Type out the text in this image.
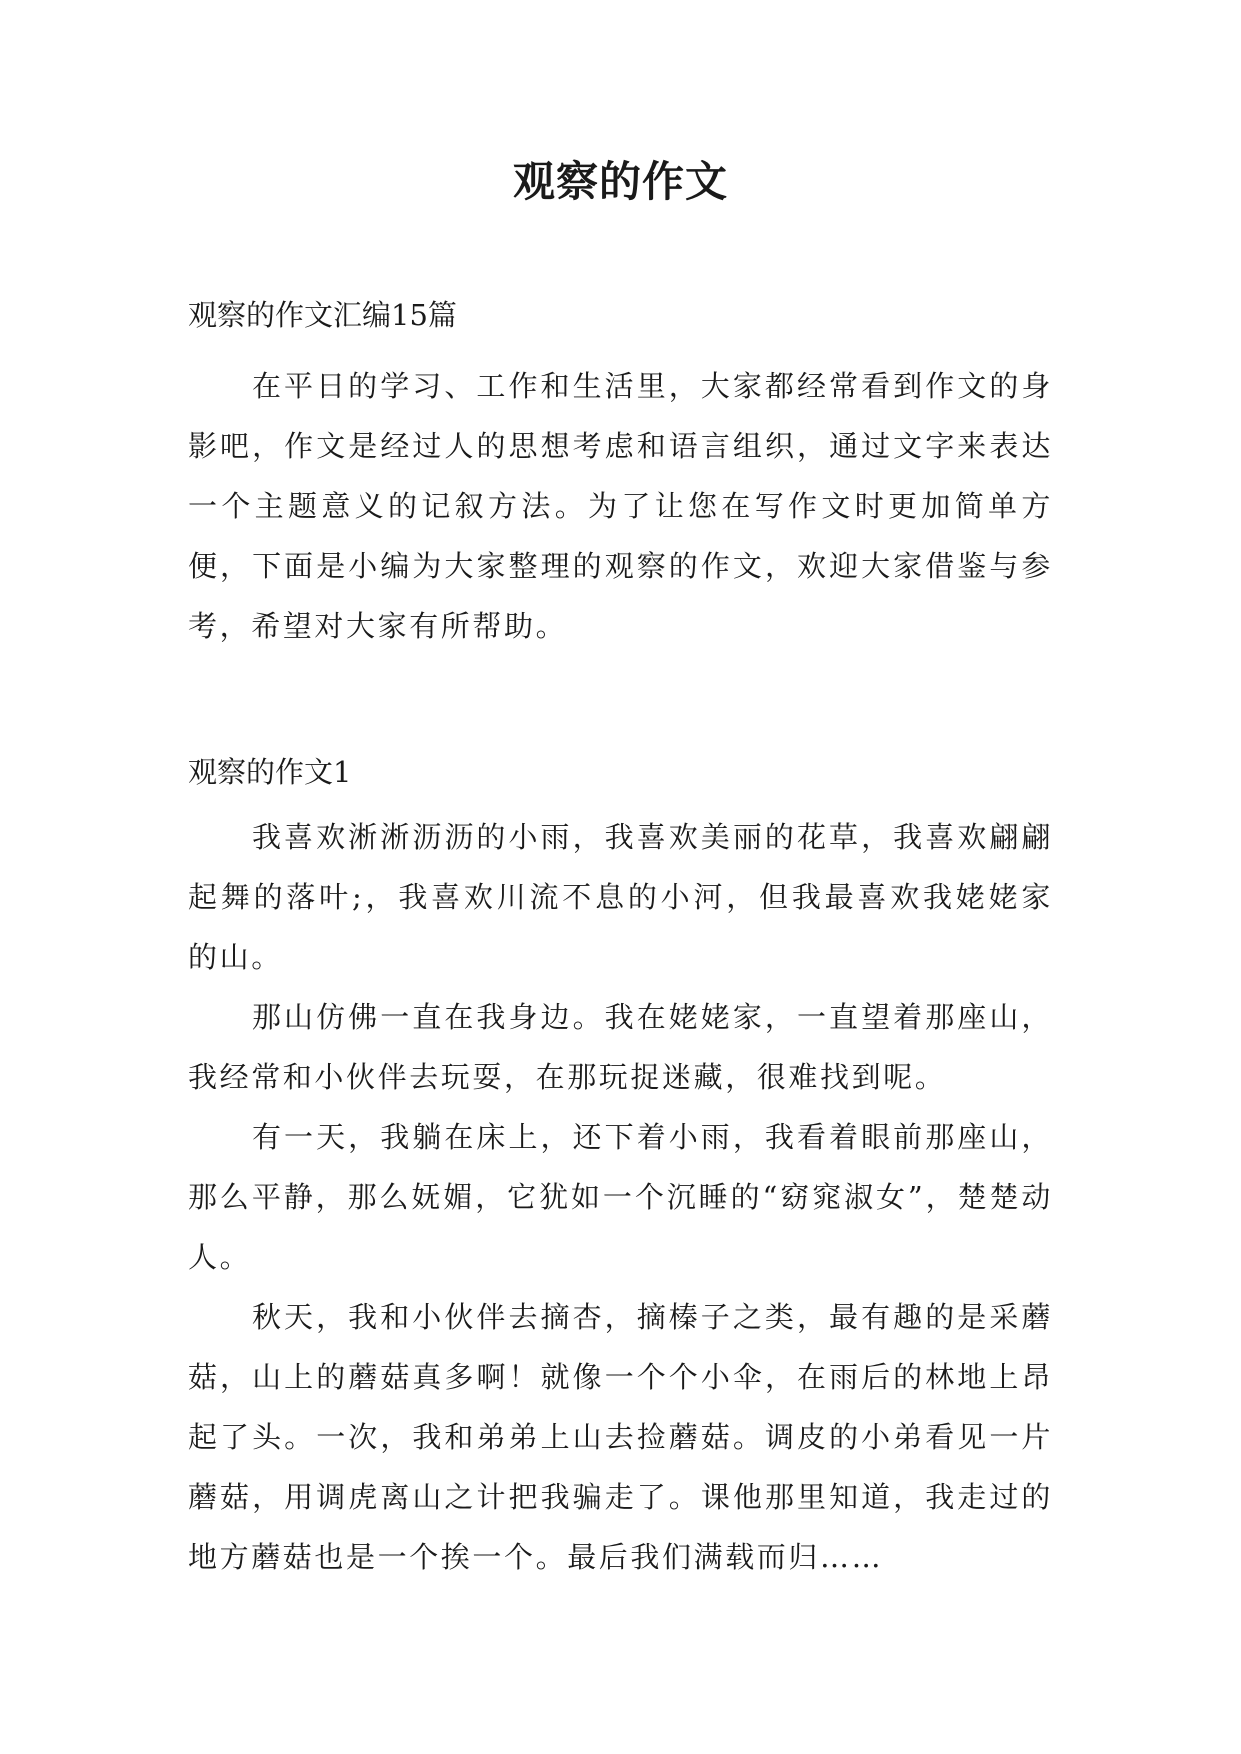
观察的作文
观察的作文汇编15篇

在平日的学习、工作和生活里，大家都经常看到作文的身影吧，作文是经过人的思想考虑和语言组织，通过文字来表达一个主题意义的记叙方法。为了让您在写作文时更加简单方便，下面是小编为大家整理的观察的作文，欢迎大家借鉴与参考，希望对大家有所帮助。

观察的作文1

我喜欢淅淅沥沥的小雨，我喜欢美丽的花草，我喜欢翩翩起舞的落叶;，我喜欢川流不息的小河，但我最喜欢我姥姥家的山。

那山仿佛一直在我身边。我在姥姥家，一直望着那座山，我经常和小伙伴去玩耍，在那玩捉迷藏，很难找到呢。

有一天，我躺在床上，还下着小雨，我看着眼前那座山，那么平静，那么妩媚，它犹如一个沉睡的“窈窕淑女”，楚楚动人。

秋天，我和小伙伴去摘杏，摘榛子之类，最有趣的是采蘑菇，山上的蘑菇真多啊！就像一个个小伞，在雨后的林地上昂起了头。一次，我和弟弟上山去捡蘑菇。调皮的小弟看见一片蘑菇，用调虎离山之计把我骗走了。课他那里知道，我走过的地方蘑菇也是一个挨一个。最后我们满载而归……
